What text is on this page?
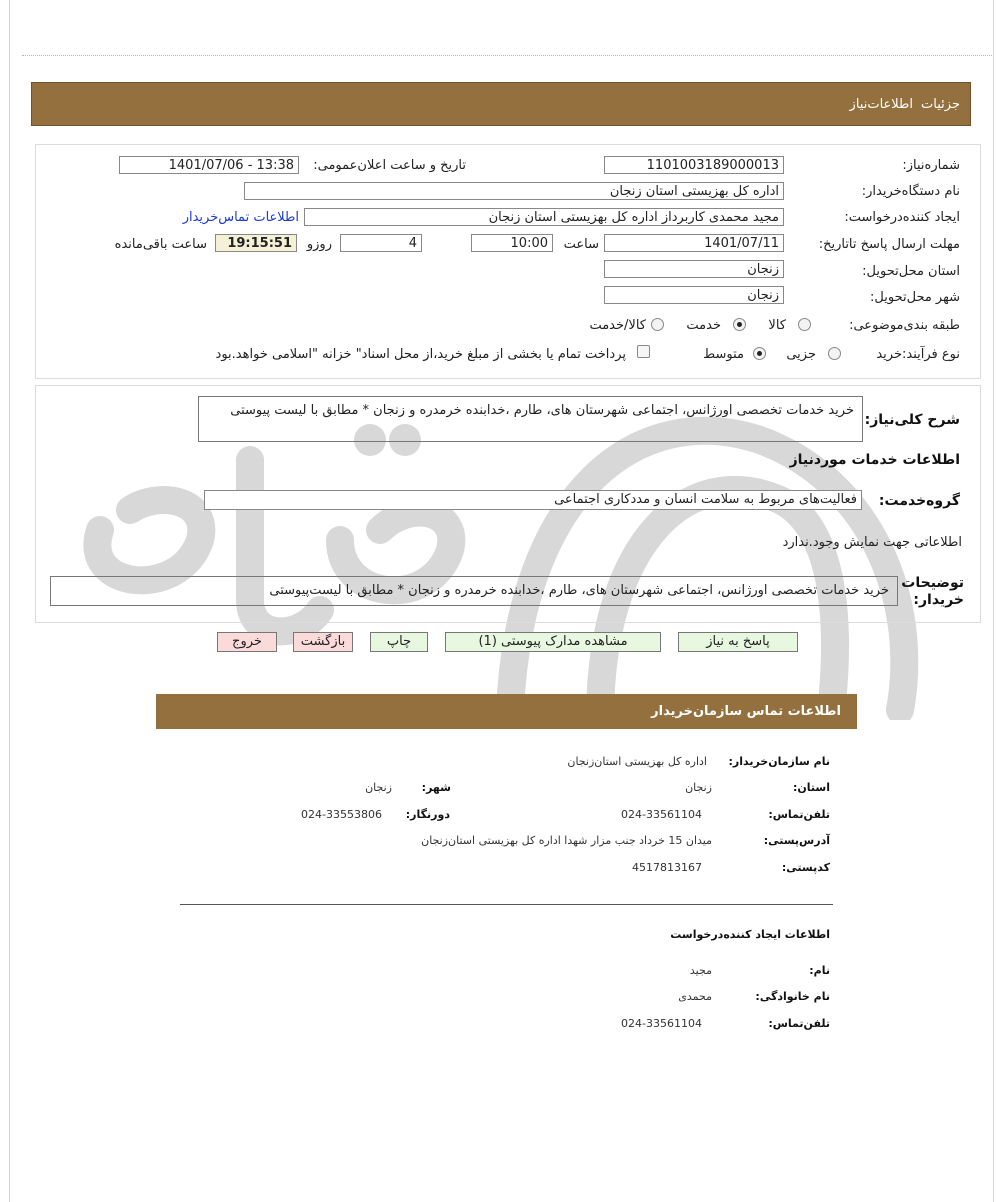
جزئیات
اطلاعات‌نیاز
شماره‌نیاز:
1101003189000013
تاریخ و ساعت اعلان‌عمومی:
1401/07/06 - 13:38
نام دستگاه‌خریدار:
اداره کل بهزیستی استان زنجان
ایجاد کننده‌درخواست:
مجید محمدی کاربرداز اداره کل بهزیستی استان زنجان
اطلاعات تماس‌خریدار
مهلت ارسال پاسخ تا‌تاریخ:
1401/07/11
ساعت
10:00
4
روزو
19:15:51
ساعت باقی‌مانده
استان محل‌تحویل:
زنجان
شهر محل‌تحویل:
زنجان
طبقه بندی‌موضوعی:
کالا
خدمت
کالا/خدمت
نوع فرآیند:
خرید
جزیی
متوسط
پرداخت تمام یا بخشی از مبلغ خرید،از محل اسناد" خزانه "اسلامی خواهد.بود
شرح کلی‌نیاز:
خرید خدمات تخصصی اورژانس، اجتماعی شهرستان های، طارم ،خدابنده خرمدره و زنجان * مطابق با لیست پیوستی
اطلاعات خدمات موردنیاز
گروه‌خدمت:
فعالیت‌های مربوط به سلامت انسان و مددکاری اجتماعی
اطلاعاتی جهت نمایش وجود.ندارد
توضیحات خریدار:
خرید خدمات تخصصی اورژانس، اجتماعی شهرستان های، طارم ،خدابنده خرمدره و زنجان * مطابق با لیست‌پیوستی
پاسخ به نیاز
مشاهده مدارک پیوستی (1)
چاپ
بازگشت
خروج
اطلاعات تماس سازمان‌خریدار
نام سازمان‌خریدار:
اداره کل بهزیستی استان‌زنجان
استان:
زنجان
شهر:
زنجان
تلفن‌تماس:
024-33561104
دورنگار:
024-33553806
آدرس‌پستی:
میدان 15 خرداد جنب مزار شهدا اداره کل بهزیستی استان‌زنجان
کد‌پستی:
4517813167
اطلاعات ایجاد کننده‌درخواست
نام:
مجید
نام خانوادگی:
محمدی
تلفن‌تماس:
024-33561104
